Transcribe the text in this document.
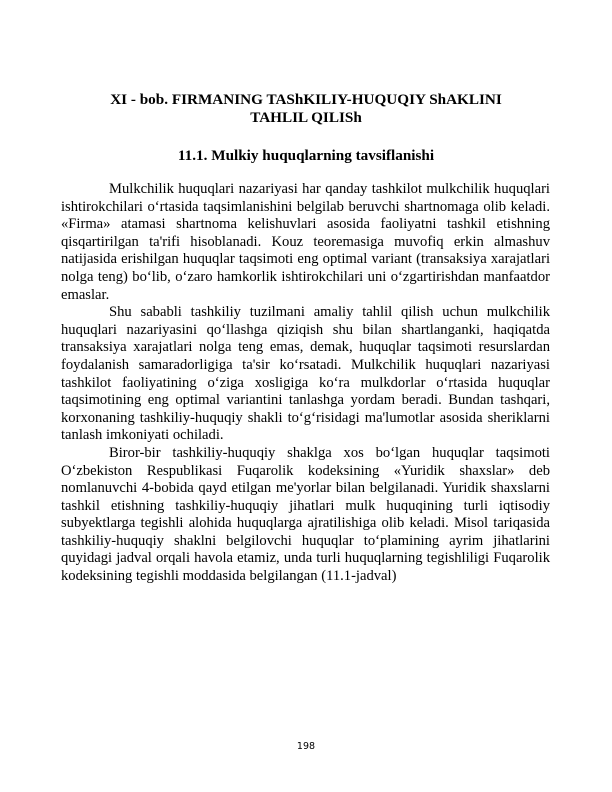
XI - bob. FIRMANING TAShKILIY-HUQUQIY ShAKLINI TAHLIL QILISh
11.1. Mulkiy huquqlarning tavsiflanishi

Mulkchilik huquqlari nazariyasi har qanday tashkilot mulkchilik huquqlari ishtirokchilari o‘rtasida taqsimlanishini belgilab beruvchi shartnomaga olib keladi. «Firma» atamasi shartnoma kelishuvlari asosida faoliyatni tashkil etishning qisqartirilgan ta'rifi hisoblanadi. Kouz teoremasiga muvofiq erkin almashuv natijasida erishilgan huquqlar taqsimoti eng optimal variant (transaksiya xarajatlari nolga teng) bo‘lib, o‘zaro hamkorlik ishtirokchilari uni o‘zgartirishdan manfaatdor emaslar.

Shu sababli tashkiliy tuzilmani amaliy tahlil qilish uchun mulkchilik huquqlari nazariyasini qo‘llashga qiziqish shu bilan shartlanganki, haqiqatda transaksiya xarajatlari nolga teng emas, demak, huquqlar taqsimoti resurslardan foydalanish samaradorligiga ta'sir ko‘rsatadi. Mulkchilik huquqlari nazariyasi tashkilot faoliyatining o‘ziga xosligiga ko‘ra mulkdorlar o‘rtasida huquqlar taqsimotining eng optimal variantini tanlashga yordam beradi. Bundan tashqari, korxonaning tashkiliy-huquqiy shakli to‘g‘risidagi ma'lumotlar asosida sheriklarni tanlash imkoniyati ochiladi.

Biror-bir tashkiliy-huquqiy shaklga xos bo‘lgan huquqlar taqsimoti O‘zbekiston Respublikasi Fuqarolik kodeksining «Yuridik shaxslar» deb nomlanuvchi 4-bobida qayd etilgan me'yorlar bilan belgilanadi. Yuridik shaxslarni tashkil etishning tashkiliy-huquqiy jihatlari mulk huquqining turli iqtisodiy subyektlarga tegishli alohida huquqlarga ajratilishiga olib keladi. Misol tariqasida tashkiliy-huquqiy shaklni belgilovchi huquqlar to‘plamining ayrim jihatlarini quyidagi jadval orqali havola etamiz, unda turli huquqlarning tegishliligi Fuqarolik kodeksining tegishli moddasida belgilangan (11.1-jadval)

198
